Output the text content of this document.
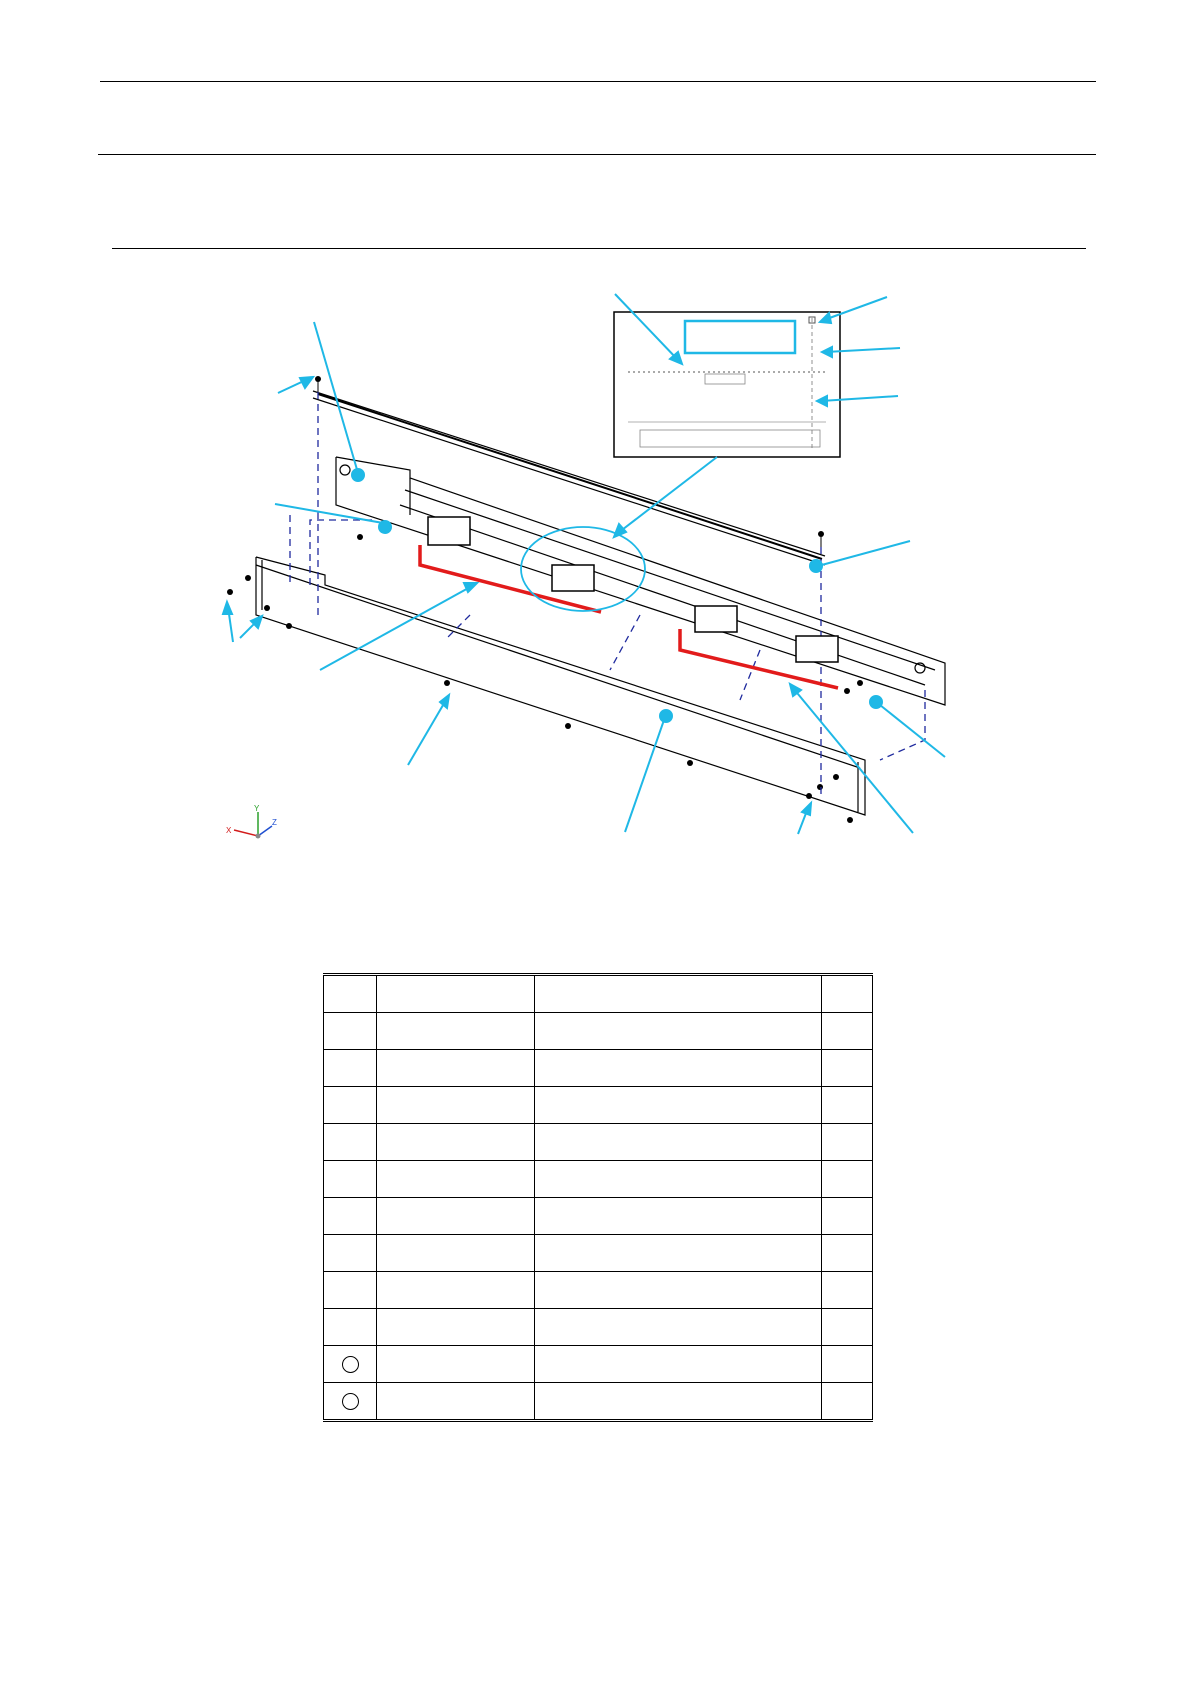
Y
X
Z
